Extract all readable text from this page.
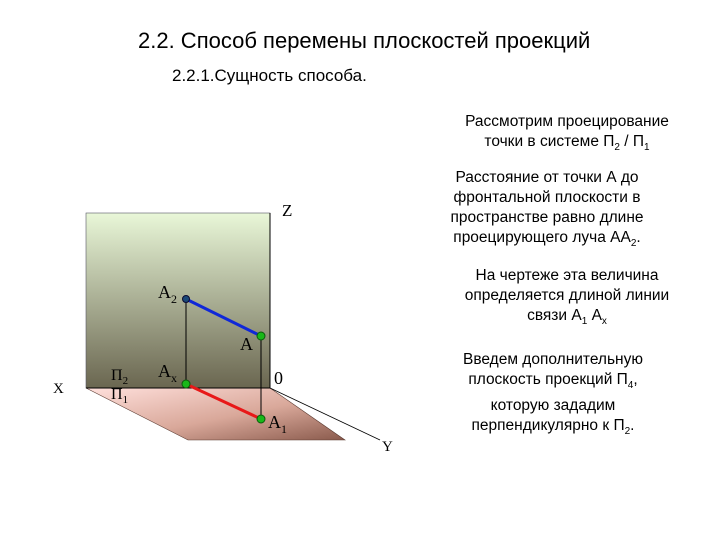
2.2. Способ перемены плоскостей проекций
2.2.1.Сущность способа.
Рассмотрим проецирование
точки в системе $П_2 / П_1$
Расстояние от точки А до
фронтальной плоскости в
пространстве равно длине
проецирующего луча $АА_2$.
На чертеже эта величина
определяется длиной линии
связи $А_1$ $А_x$
Введем дополнительную
плоскость проекций $П_4$,
которую зададим
перпендикулярно к $П_2$.
Z
X
Y
0
$П_2$
$П_1$
$А_2$
А
$А_x$
$А_1$
